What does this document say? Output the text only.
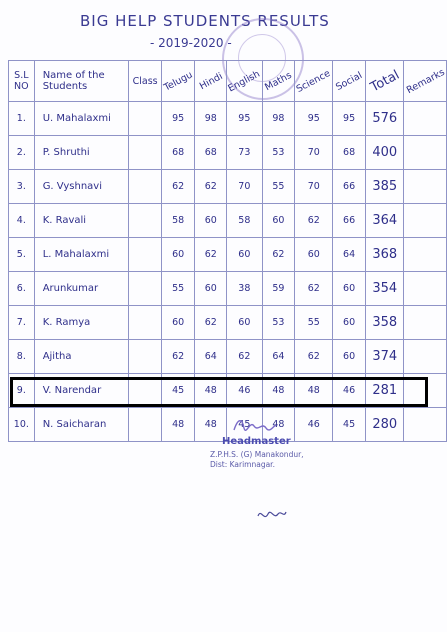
BIG HELP STUDENTS RESULTS
- 2019-2020 -
S.L NO	Name of the Students	Class	Telugu	Hindi	English	Maths	Science	Social	Total	Remarks
1.	U. Mahalaxmi		95	98	95	98	95	95	576	
2.	P. Shruthi		68	68	73	53	70	68	400	
3.	G. Vyshnavi		62	62	70	55	70	66	385	
4.	K. Ravali		58	60	58	60	62	66	364	
5.	L. Mahalaxmi		60	62	60	62	60	64	368	
6.	Arunkumar		55	60	38	59	62	60	354	
7.	K. Ramya		60	62	60	53	55	60	358	
8.	Ajitha		62	64	62	64	62	60	374	
9.	V. Narendar		45	48	46	48	48	46	281	
10.	N. Saicharan		48	48	45	48	46	45	280	
Headmaster
Z.P.H.S. (G) Manakondur,
Dist: Karimnagar.
